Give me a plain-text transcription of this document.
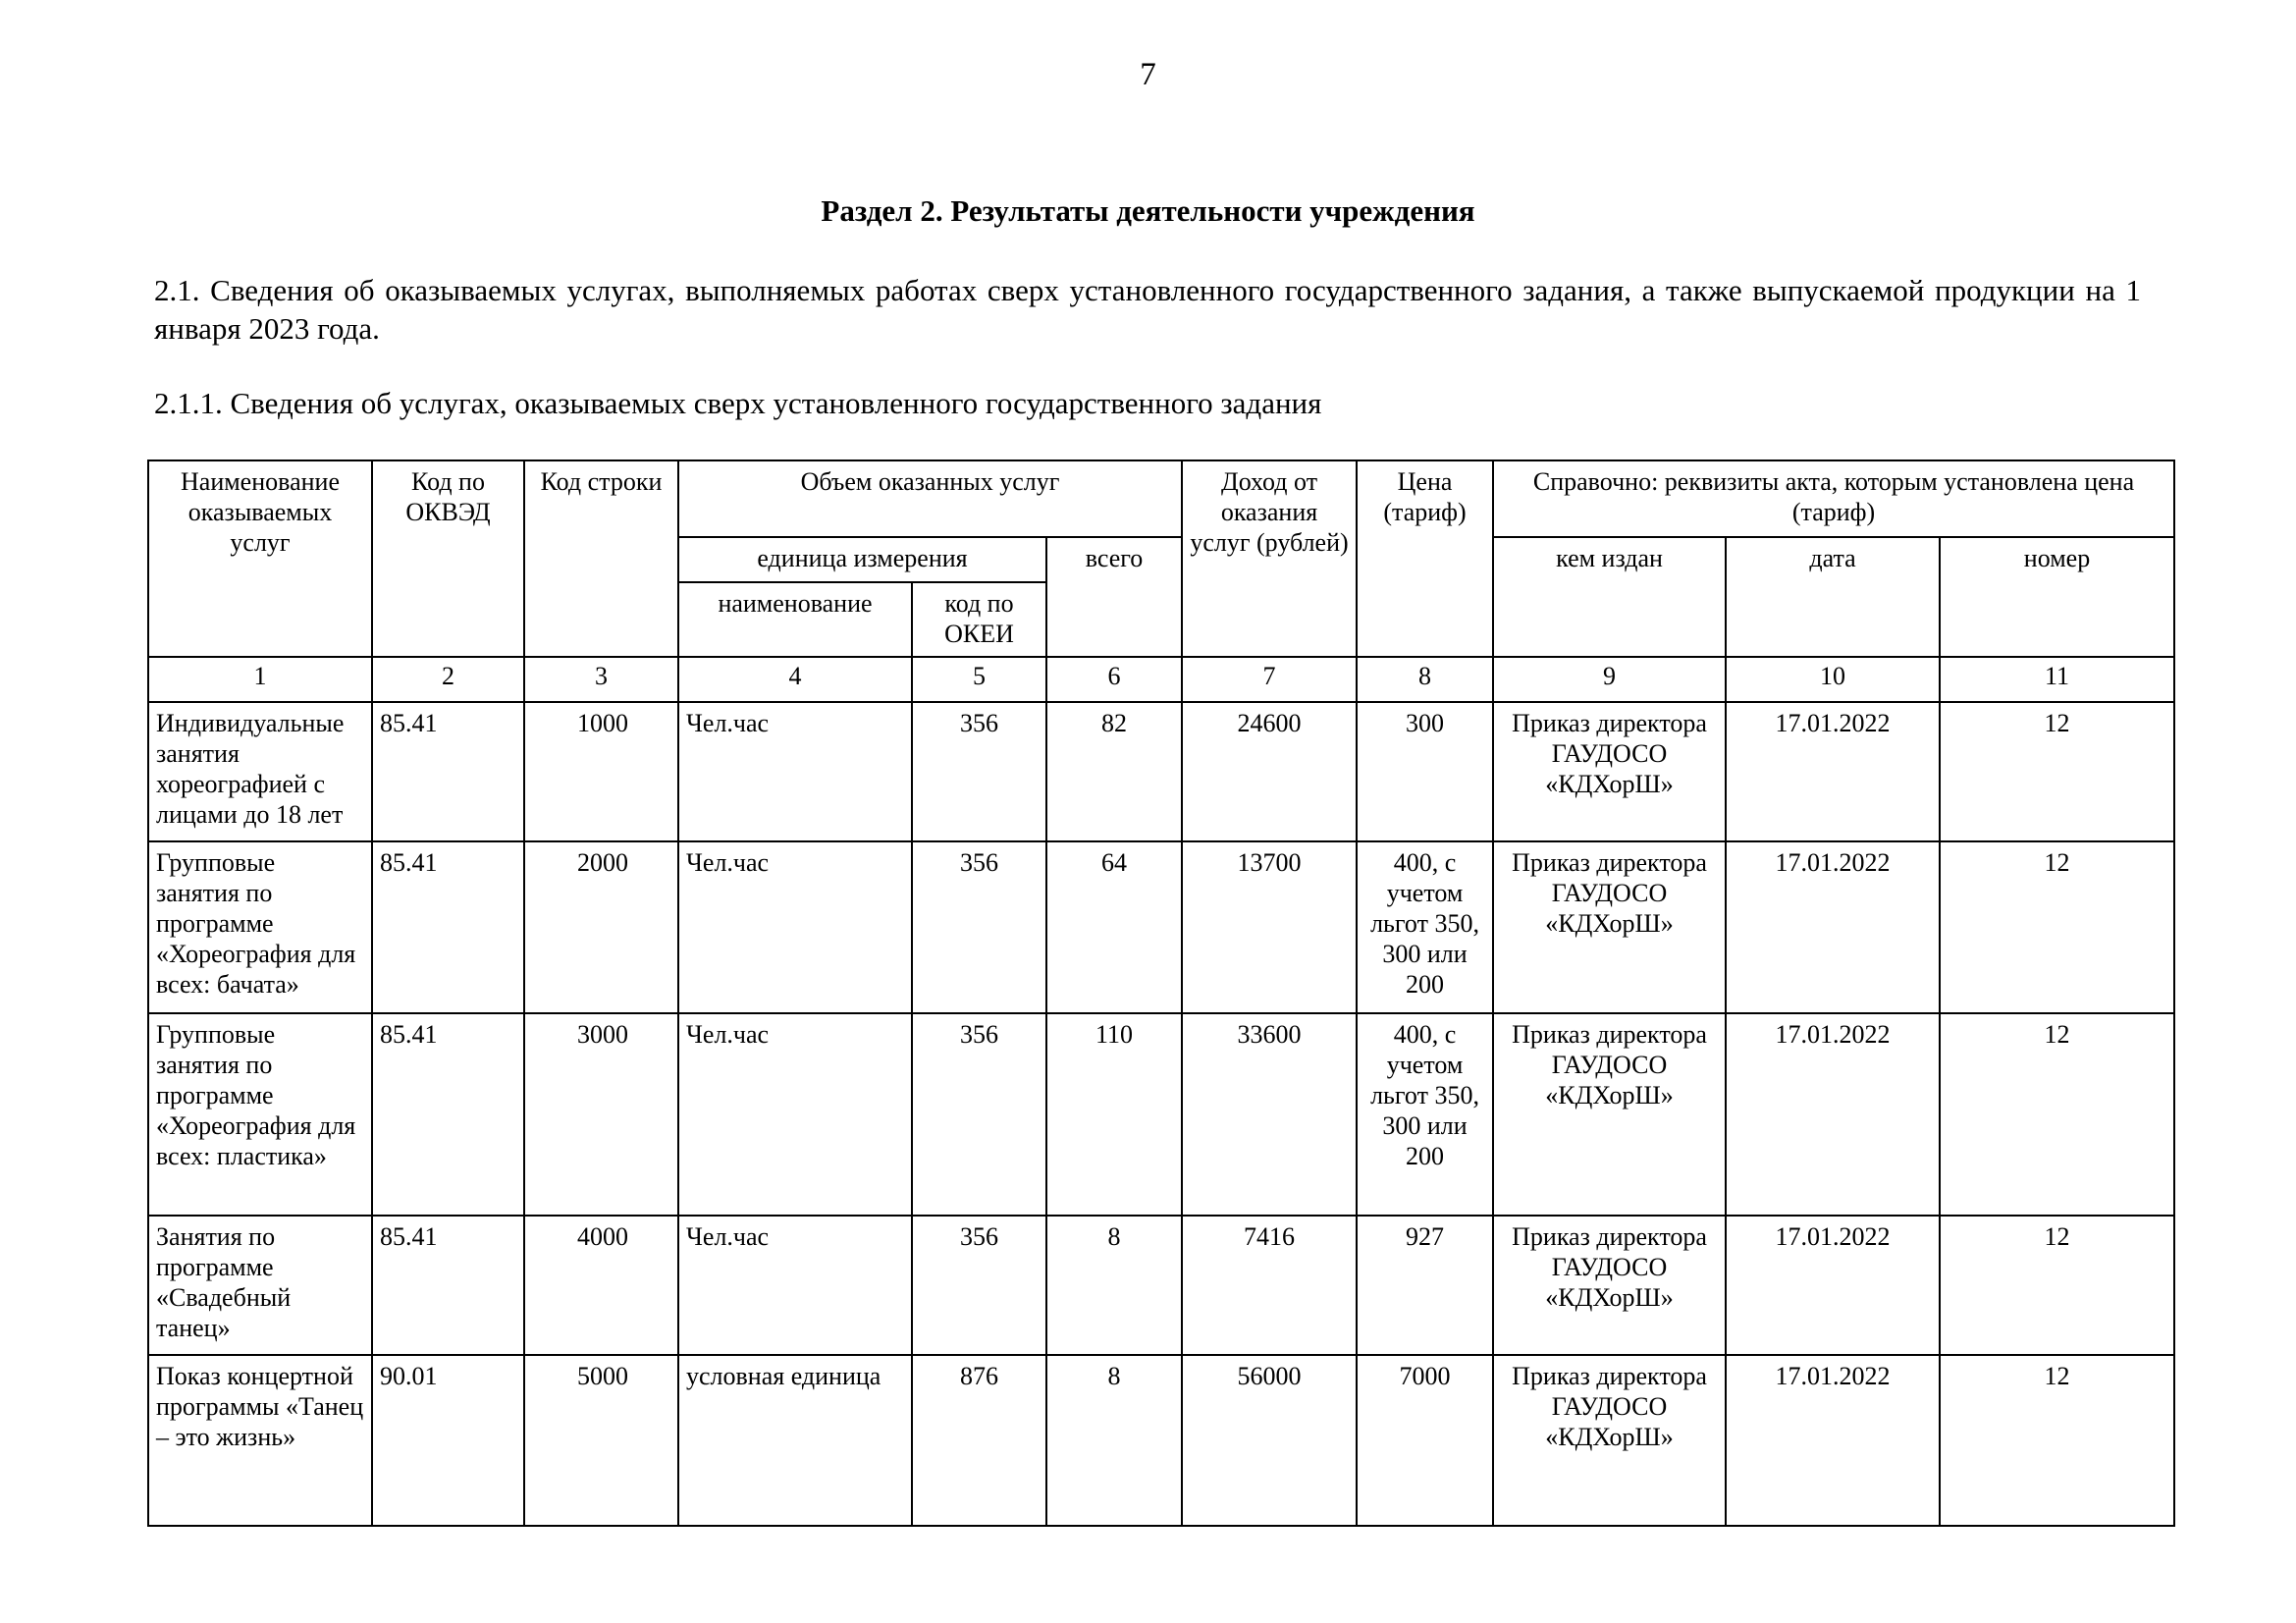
7
Раздел 2. Результаты деятельности учреждения
2.1. Сведения об оказываемых услугах, выполняемых работах сверх установленного государственного задания, а также выпускаемой продукции на 1 января 2023 года.
2.1.1. Сведения об услугах, оказываемых сверх установленного государственного задания
Наименование оказываемых услуг	Код по ОКВЭД	Код строки	Объем оказанных услуг			Доход от оказания услуг (рублей)	Цена (тариф)	Справочно: реквизиты акта, которым установлена цена (тариф)		
			единица измерения		всего			кем издан	дата	номер
			наименование	код по ОКЕИ						
1	2	3	4	5	6	7	8	9	10	11
Индивидуальные занятия хореографией с лицами до 18 лет	85.41	1000	Чел.час	356	82	24600	300	Приказ директора ГАУДОСО «КДХорШ»	17.01.2022	12
Групповые занятия по программе «Хореография для всех: бачата»	85.41	2000	Чел.час	356	64	13700	400, с учетом льгот 350, 300 или 200	Приказ директора ГАУДОСО «КДХорШ»	17.01.2022	12
Групповые занятия по программе «Хореография для всех: пластика»	85.41	3000	Чел.час	356	110	33600	400, с учетом льгот 350, 300 или 200	Приказ директора ГАУДОСО «КДХорШ»	17.01.2022	12
Занятия по программе «Свадебный танец»	85.41	4000	Чел.час	356	8	7416	927	Приказ директора ГАУДОСО «КДХорШ»	17.01.2022	12
Показ концертной программы «Танец – это жизнь»	90.01	5000	условная единица	876	8	56000	7000	Приказ директора ГАУДОСО «КДХорШ»	17.01.2022	12
